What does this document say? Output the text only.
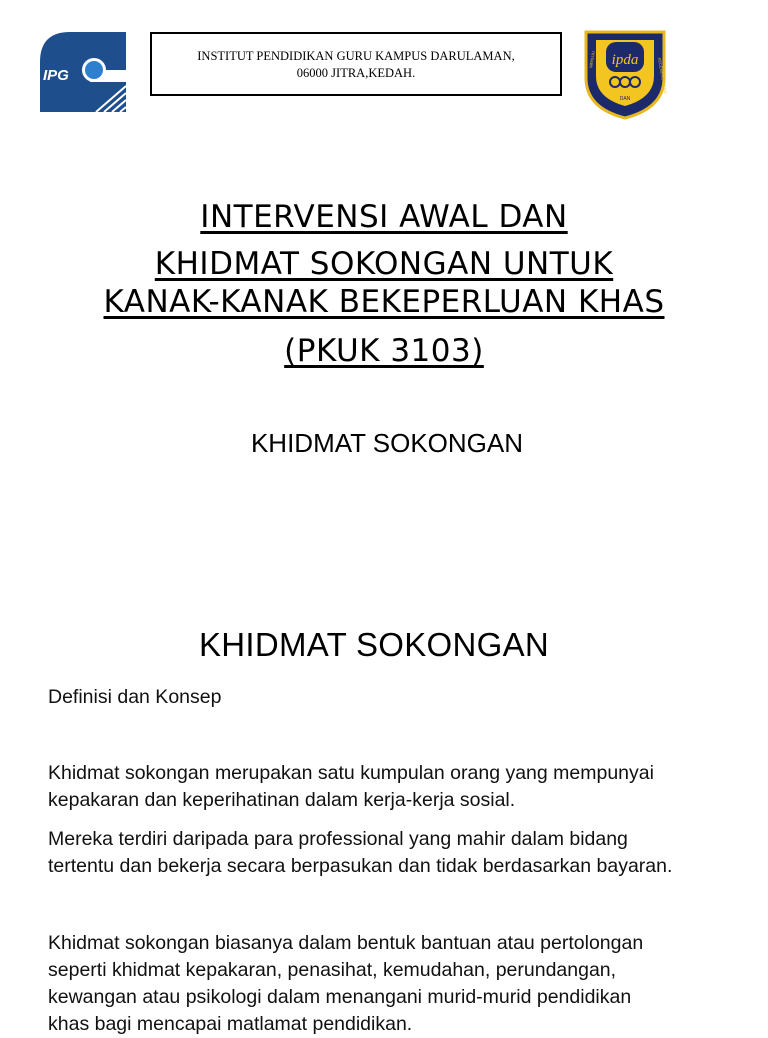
IPG
INSTITUT PENDIDIKAN GURU KAMPUS DARULAMAN,
06000 JITRA,KEDAH.
ipda
DAN
MENUJU	KECEMERLANGAN
INTERVENSI AWAL DAN
KHIDMAT SOKONGAN UNTUK
KANAK-KANAK BEKEPERLUAN KHAS
(PKUK 3103)
KHIDMAT SOKONGAN
KHIDMAT SOKONGAN
Definisi dan Konsep
Khidmat sokongan merupakan satu kumpulan orang yang mempunyai
kepakaran dan keperihatinan dalam kerja-kerja sosial.
Mereka terdiri daripada para professional yang mahir dalam bidang
tertentu dan bekerja secara berpasukan dan tidak berdasarkan bayaran.
Khidmat sokongan biasanya dalam bentuk bantuan atau pertolongan
seperti khidmat kepakaran, penasihat, kemudahan, perundangan,
kewangan atau psikologi dalam menangani murid-murid pendidikan
khas bagi mencapai matlamat pendidikan.
